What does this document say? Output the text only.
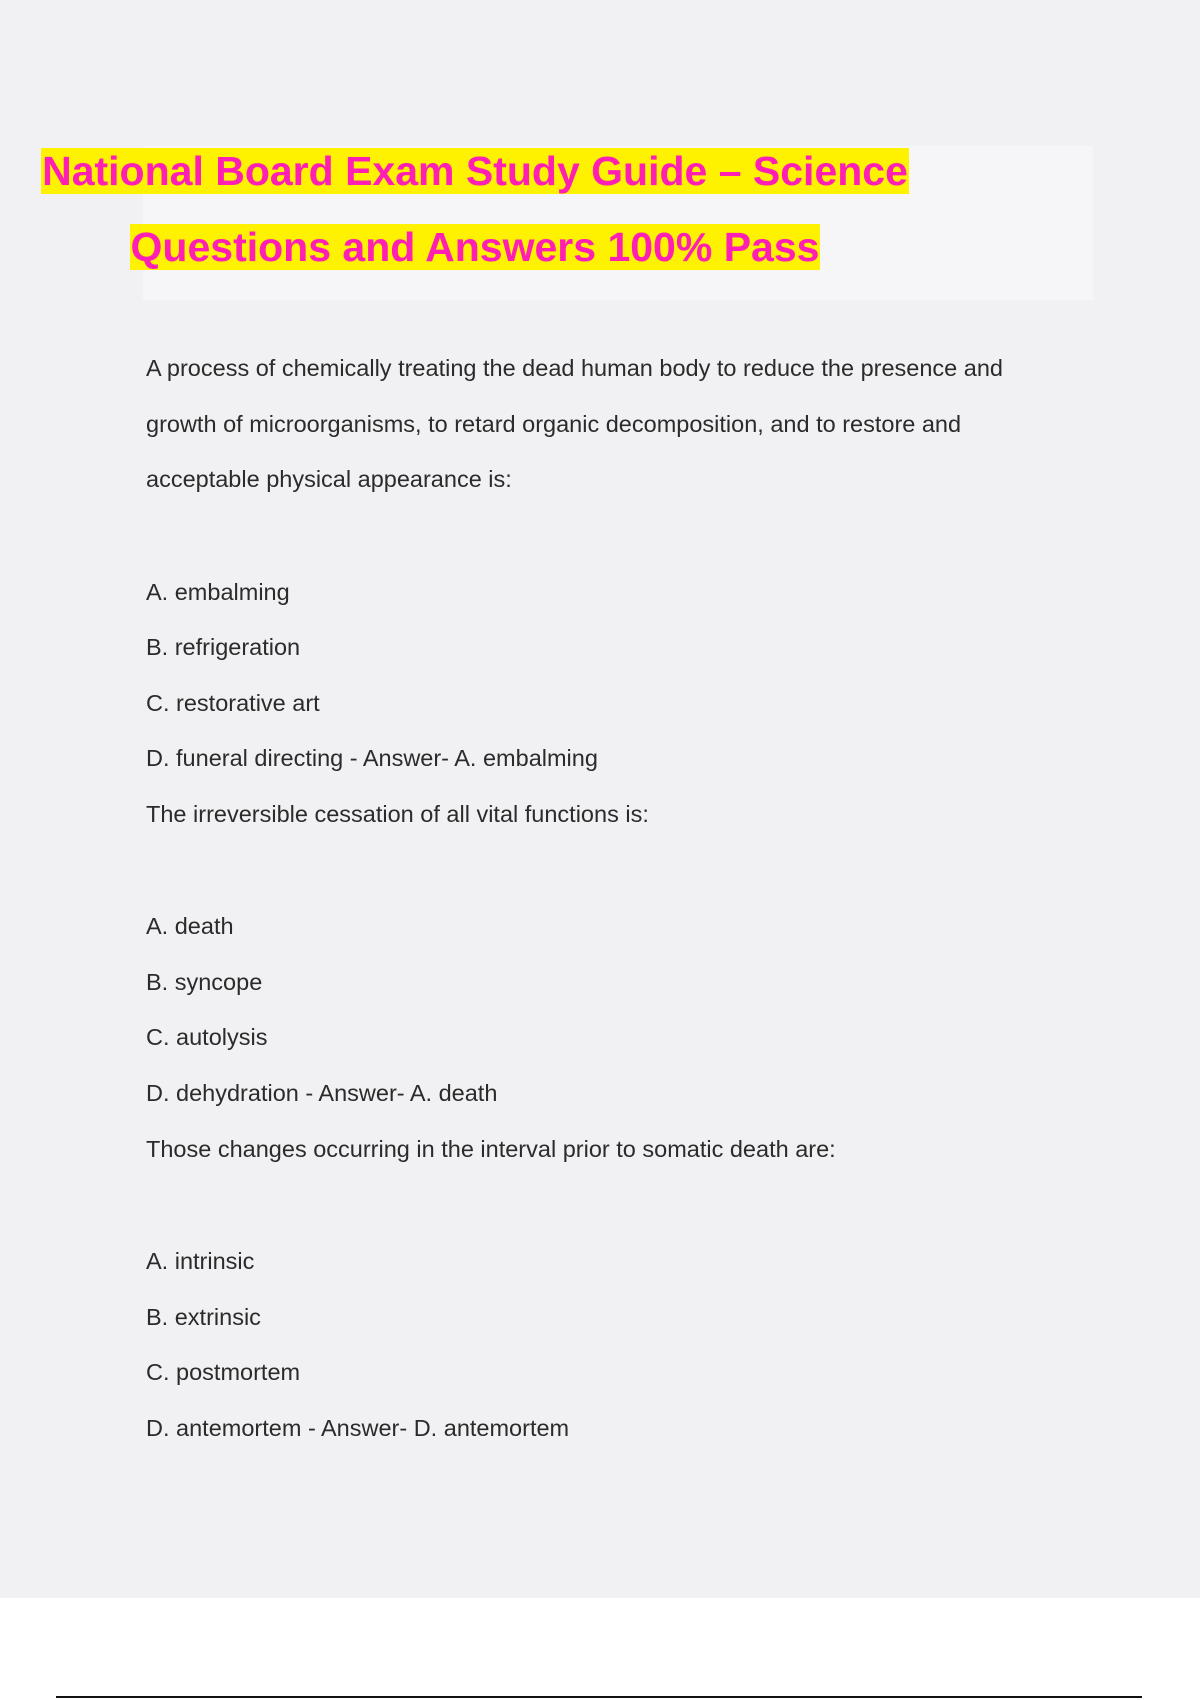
National Board Exam Study Guide – Science
Questions and Answers 100% Pass
A process of chemically treating the dead human body to reduce the presence and
growth of microorganisms, to retard organic decomposition, and to restore and
acceptable physical appearance is:
A. embalming
B. refrigeration
C. restorative art
D. funeral directing - Answer- A. embalming
The irreversible cessation of all vital functions is:
A. death
B. syncope
C. autolysis
D. dehydration - Answer- A. death
Those changes occurring in the interval prior to somatic death are:
A. intrinsic
B. extrinsic
C. postmortem
D. antemortem - Answer- D. antemortem
